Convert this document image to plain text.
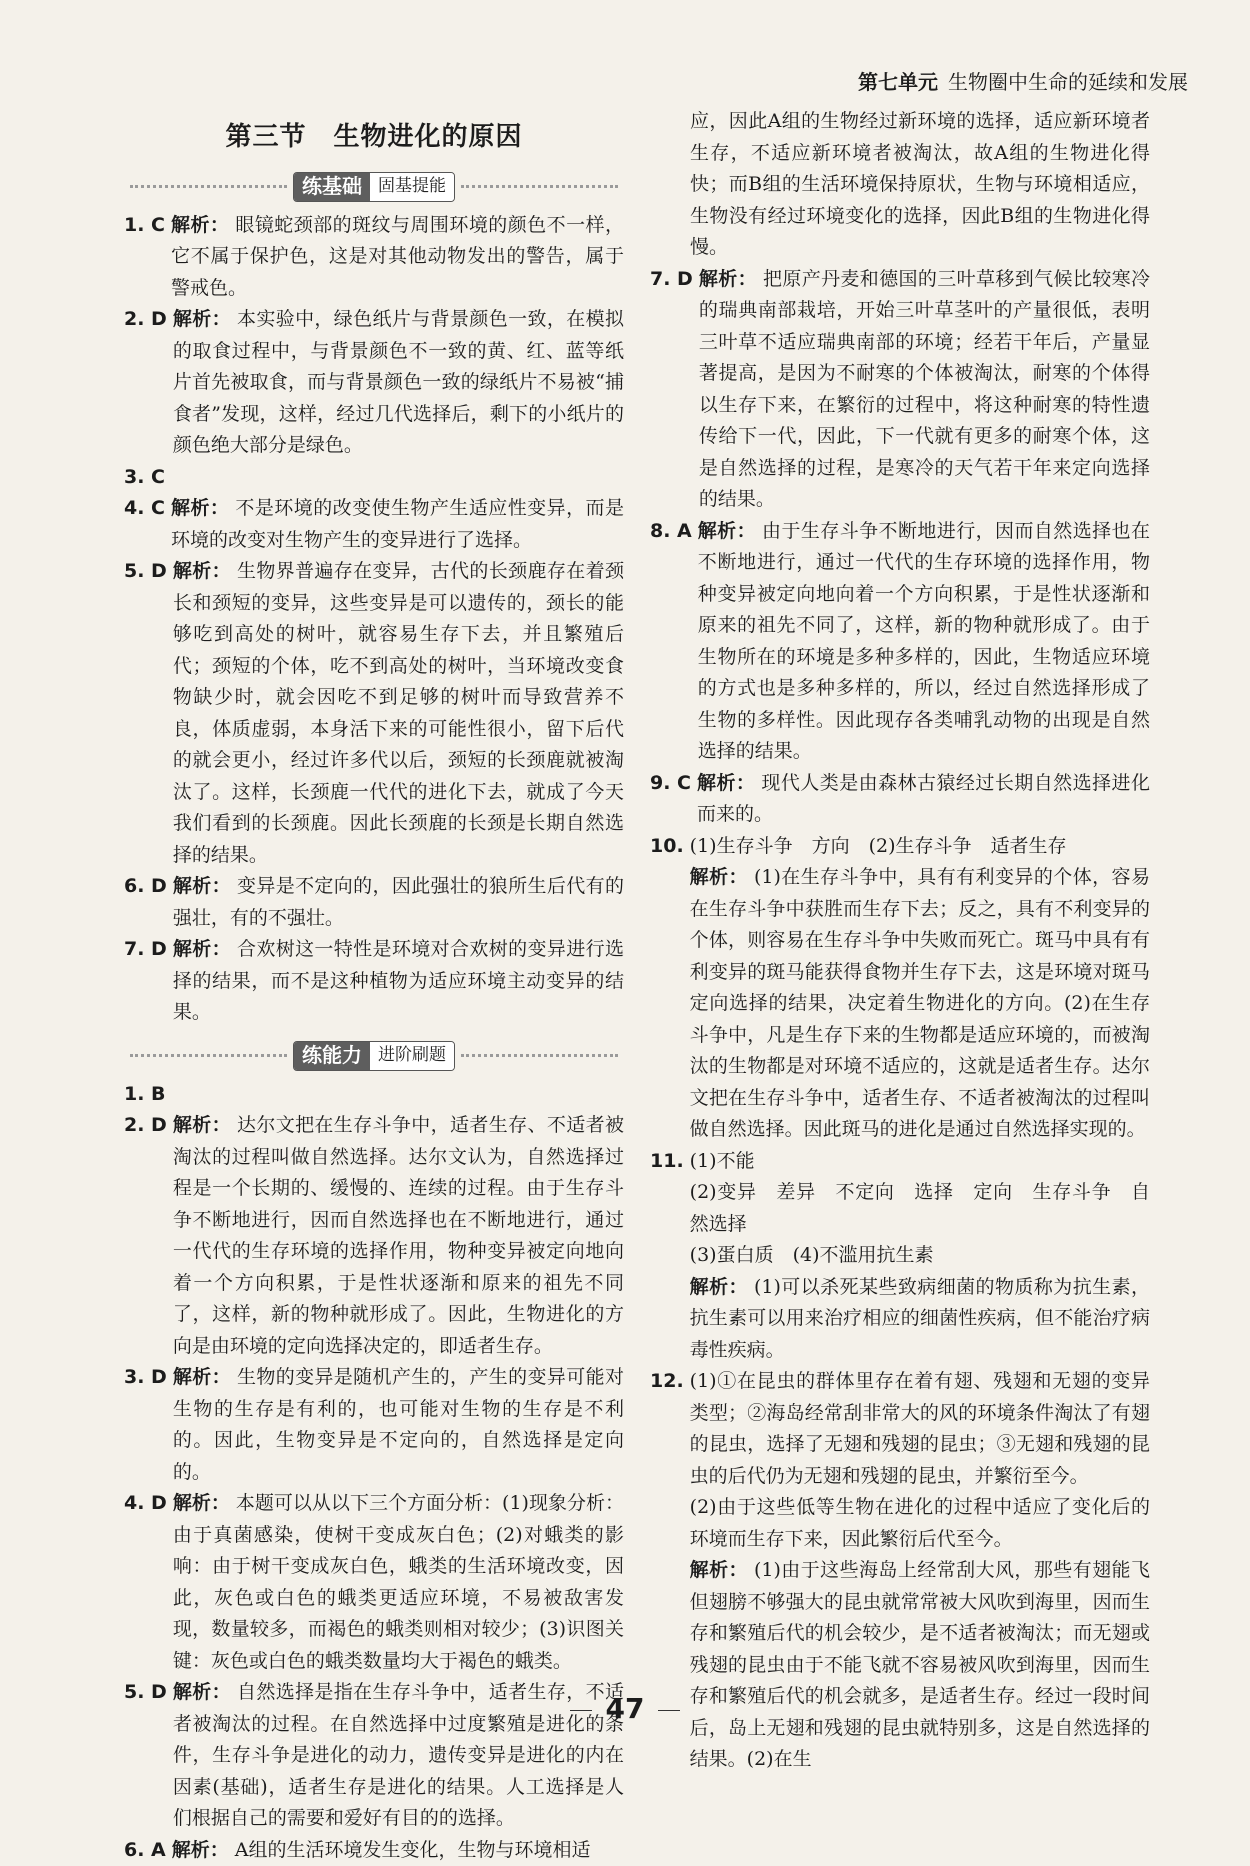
第七单元 生物圈中生命的延续和发展
第三节　生物进化的原因
练基础 固基提能
1. C 解析： 眼镜蛇颈部的斑纹与周围环境的颜色不一样，它不属于保护色，这是对其他动物发出的警告，属于警戒色。
2. D 解析： 本实验中，绿色纸片与背景颜色一致，在模拟的取食过程中，与背景颜色不一致的黄、红、蓝等纸片首先被取食，而与背景颜色一致的绿纸片不易被“捕食者”发现，这样，经过几代选择后，剩下的小纸片的颜色绝大部分是绿色。
3. C
4. C 解析： 不是环境的改变使生物产生适应性变异，而是环境的改变对生物产生的变异进行了选择。
5. D 解析： 生物界普遍存在变异，古代的长颈鹿存在着颈长和颈短的变异，这些变异是可以遗传的，颈长的能够吃到高处的树叶，就容易生存下去，并且繁殖后代；颈短的个体，吃不到高处的树叶，当环境改变食物缺少时，就会因吃不到足够的树叶而导致营养不良，体质虚弱，本身活下来的可能性很小，留下后代的就会更小，经过许多代以后，颈短的长颈鹿就被淘汰了。这样，长颈鹿一代代的进化下去，就成了今天我们看到的长颈鹿。因此长颈鹿的长颈是长期自然选择的结果。
6. D 解析： 变异是不定向的，因此强壮的狼所生后代有的强壮，有的不强壮。
7. D 解析： 合欢树这一特性是环境对合欢树的变异进行选择的结果，而不是这种植物为适应环境主动变异的结果。
练能力 进阶刷题
1. B
2. D 解析： 达尔文把在生存斗争中，适者生存、不适者被淘汰的过程叫做自然选择。达尔文认为，自然选择过程是一个长期的、缓慢的、连续的过程。由于生存斗争不断地进行，因而自然选择也在不断地进行，通过一代代的生存环境的选择作用，物种变异被定向地向着一个方向积累，于是性状逐渐和原来的祖先不同了，这样，新的物种就形成了。因此，生物进化的方向是由环境的定向选择决定的，即适者生存。
3. D 解析： 生物的变异是随机产生的，产生的变异可能对生物的生存是有利的，也可能对生物的生存是不利的。因此，生物变异是不定向的，自然选择是定向的。
4. D 解析： 本题可以从以下三个方面分析：(1)现象分析：由于真菌感染，使树干变成灰白色；(2)对蛾类的影响：由于树干变成灰白色，蛾类的生活环境改变，因此，灰色或白色的蛾类更适应环境，不易被敌害发现，数量较多，而褐色的蛾类则相对较少；(3)识图关键：灰色或白色的蛾类数量均大于褐色的蛾类。
5. D 解析： 自然选择是指在生存斗争中，适者生存，不适者被淘汰的过程。在自然选择中过度繁殖是进化的条件，生存斗争是进化的动力，遗传变异是进化的内在因素(基础)，适者生存是进化的结果。人工选择是人们根据自己的需要和爱好有目的的选择。
6. A 解析： A组的生活环境发生变化，生物与环境相适
应，因此A组的生物经过新环境的选择，适应新环境者生存，不适应新环境者被淘汰，故A组的生物进化得快；而B组的生活环境保持原状，生物与环境相适应，生物没有经过环境变化的选择，因此B组的生物进化得慢。
7. D 解析： 把原产丹麦和德国的三叶草移到气候比较寒冷的瑞典南部栽培，开始三叶草茎叶的产量很低，表明三叶草不适应瑞典南部的环境；经若干年后，产量显著提高，是因为不耐寒的个体被淘汰，耐寒的个体得以生存下来，在繁衍的过程中，将这种耐寒的特性遗传给下一代，因此，下一代就有更多的耐寒个体，这是自然选择的过程，是寒冷的天气若干年来定向选择的结果。
8. A 解析： 由于生存斗争不断地进行，因而自然选择也在不断地进行，通过一代代的生存环境的选择作用，物种变异被定向地向着一个方向积累，于是性状逐渐和原来的祖先不同了，这样，新的物种就形成了。由于生物所在的环境是多种多样的，因此，生物适应环境的方式也是多种多样的，所以，经过自然选择形成了生物的多样性。因此现存各类哺乳动物的出现是自然选择的结果。
9. C 解析： 现代人类是由森林古猿经过长期自然选择进化而来的。
10. (1)生存斗争　方向　(2)生存斗争　适者生存
解析： (1)在生存斗争中，具有有利变异的个体，容易在生存斗争中获胜而生存下去；反之，具有不利变异的个体，则容易在生存斗争中失败而死亡。斑马中具有有利变异的斑马能获得食物并生存下去，这是环境对斑马定向选择的结果，决定着生物进化的方向。(2)在生存斗争中，凡是生存下来的生物都是适应环境的，而被淘汰的生物都是对环境不适应的，这就是适者生存。达尔文把在生存斗争中，适者生存、不适者被淘汰的过程叫做自然选择。因此斑马的进化是通过自然选择实现的。
11. (1)不能
(2)变异　差异　不定向　选择　定向　生存斗争　自然选择
(3)蛋白质　(4)不滥用抗生素
解析： (1)可以杀死某些致病细菌的物质称为抗生素，抗生素可以用来治疗相应的细菌性疾病，但不能治疗病毒性疾病。
12. (1)①在昆虫的群体里存在着有翅、残翅和无翅的变异类型；②海岛经常刮非常大的风的环境条件淘汰了有翅的昆虫，选择了无翅和残翅的昆虫；③无翅和残翅的昆虫的后代仍为无翅和残翅的昆虫，并繁衍至今。
(2)由于这些低等生物在进化的过程中适应了变化后的环境而生存下来，因此繁衍后代至今。
解析： (1)由于这些海岛上经常刮大风，那些有翅能飞但翅膀不够强大的昆虫就常常被大风吹到海里，因而生存和繁殖后代的机会较少，是不适者被淘汰；而无翅或残翅的昆虫由于不能飞就不容易被风吹到海里，因而生存和繁殖后代的机会就多，是适者生存。经过一段时间后，岛上无翅和残翅的昆虫就特别多，这是自然选择的结果。(2)在生
47
